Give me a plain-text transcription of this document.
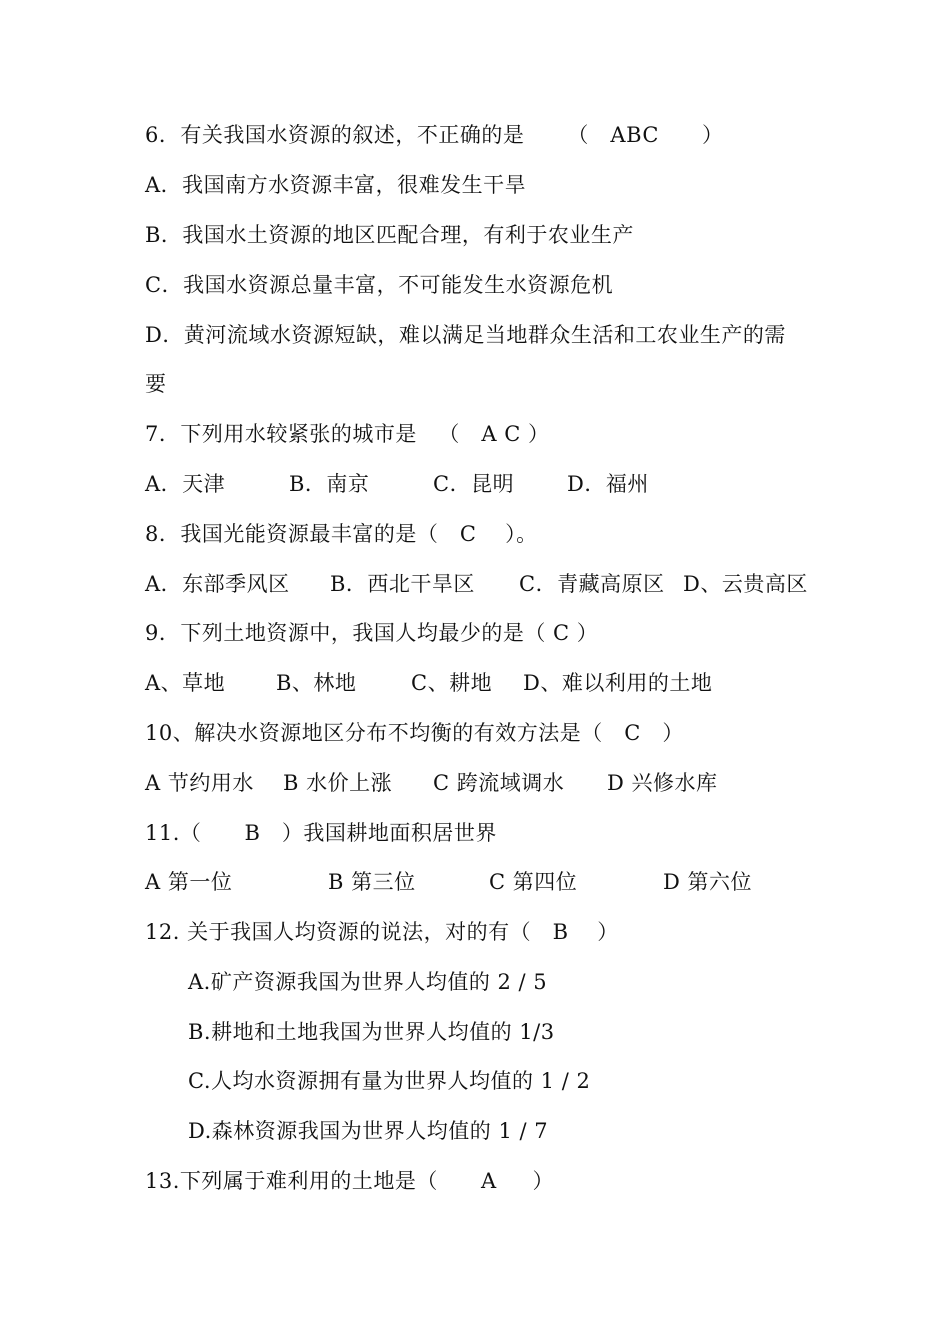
6．有关我国水资源的叙述，不正确的是      （   ABC      ）
A．我国南方水资源丰富，很难发生干旱
B．我国水土资源的地区匹配合理，有利于农业生产
C．我国水资源总量丰富，不可能发生水资源危机
D．黄河流域水资源短缺，难以满足当地群众生活和工农业生产的需
要
7．下列用水较紧张的城市是   （   A C ）

A．天津

	B．南京

	C．昆明

	D．福州

8．我国光能资源最丰富的是（   C    ）。

A．东部季风区

B．西北干旱区

C．青藏高原区

D、云贵高区

9．下列土地资源中，我国人均最少的是（ C ）

A、草地

B、林地

	C、耕地

D、难以利用的土地

10、解决水资源地区分布不均衡的有效方法是（   C   ）

A 节约用水

B 水价上涨

C 跨流域调水

D 兴修水库

11.（      B   ）我国耕地面积居世界

A 第一位

	B 第三位

	C 第四位

	D 第六位

12. 关于我国人均资源的说法，对的有（   B    ）
A.矿产资源我国为世界人均值的 2 / 5
B.耕地和土地我国为世界人均值的 1/3
C.人均水资源拥有量为世界人均值的 1 / 2
D.森林资源我国为世界人均值的 1 / 7
13.下列属于难利用的土地是（      A     ）
